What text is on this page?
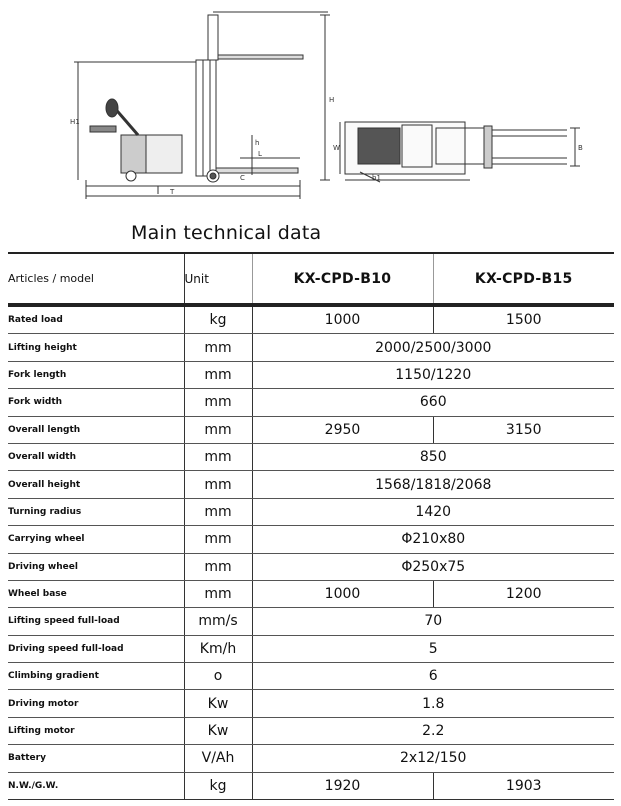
H
H1
L
C
T
h
W	B
b1
Main technical data
Articles / model	Unit	KX-CPD-B10	KX-CPD-B15
Rated load	kg	1000	1500
Lifting height	mm	2000/2500/3000	
Fork length	mm	1150/1220	
Fork width	mm	660	
Overall length	mm	2950	3150
Overall width	mm	850	
Overall height	mm	1568/1818/2068	
Turning radius	mm	1420	
Carrying wheel	mm	Φ210x80	
Driving wheel	mm	Φ250x75	
Wheel base	mm	1000	1200
Lifting speed full-load	mm/s	70	
Driving speed full-load	Km/h	5	
Climbing gradient	o	6	
Driving motor	Kw	1.8	
Lifting motor	Kw	2.2	
Battery	V/Ah	2x12/150	
N.W./G.W.	kg	1920	1903
